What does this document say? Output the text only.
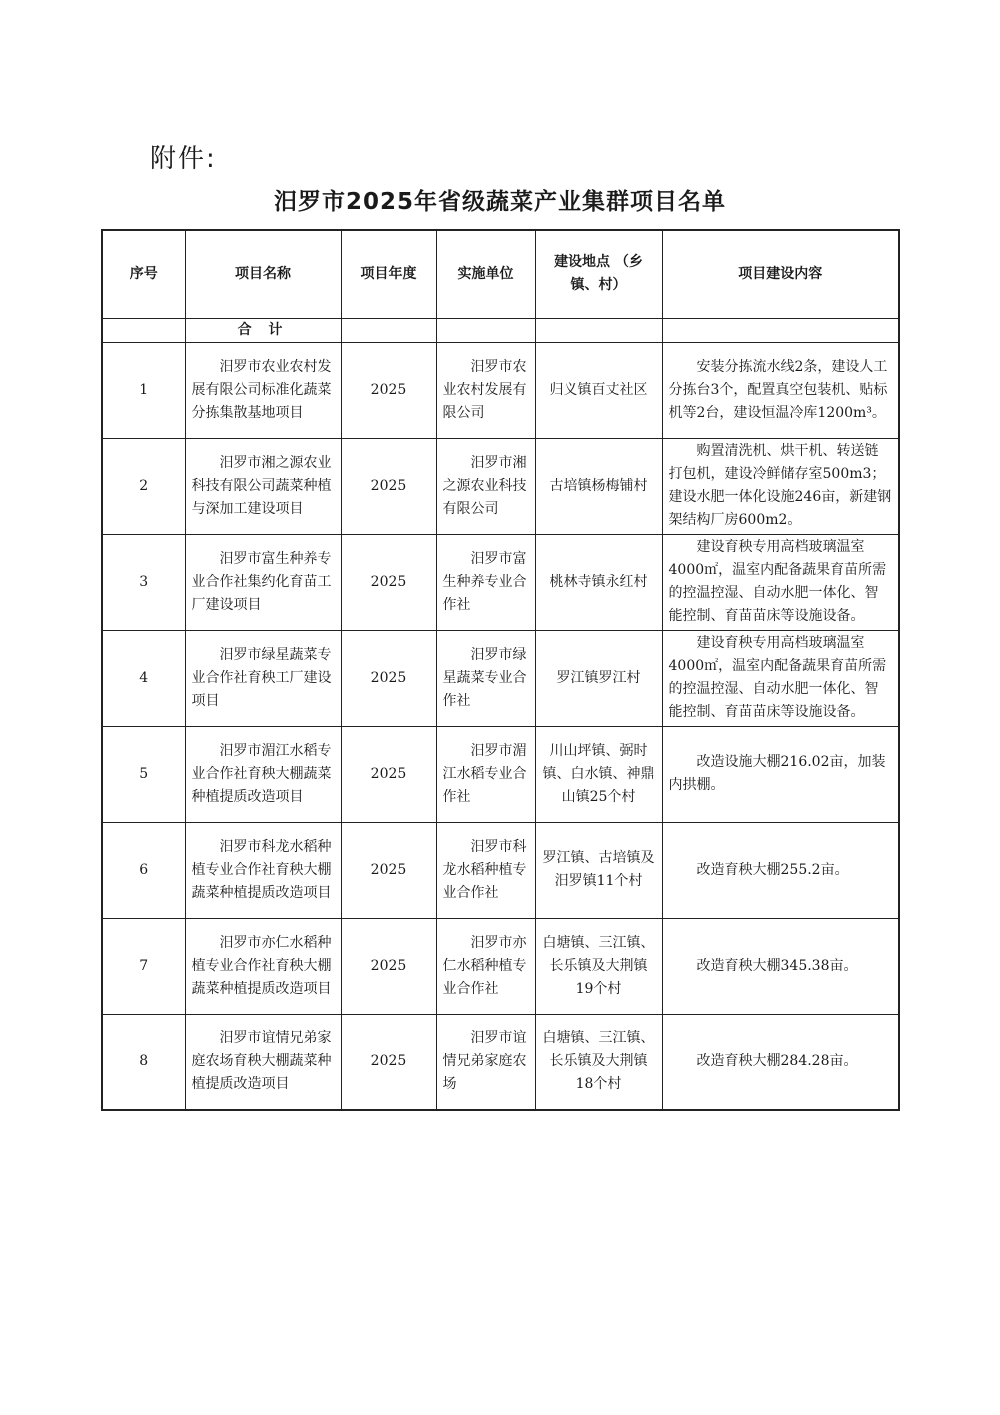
附件:
汨罗市2025年省级蔬菜产业集群项目名单
序号	项目名称	项目年度	实施单位	建设地点 （乡镇、村）	项目建设内容
	合 计				
1	汨罗市农业农村发展有限公司标准化蔬菜分拣集散基地项目	2025	汨罗市农业农村发展有限公司	归义镇百丈社区	安装分拣流水线2条，建设人工分拣台3个，配置真空包装机、贴标机等2台，建设恒温冷库1200m³。
2	汨罗市湘之源农业科技有限公司蔬菜种植与深加工建设项目	2025	汨罗市湘之源农业科技有限公司	古培镇杨梅铺村	购置清洗机、烘干机、转送链打包机，建设冷鲜储存室500m3；建设水肥一体化设施246亩，新建钢架结构厂房600m2。
3	汨罗市富生种养专业合作社集约化育苗工厂建设项目	2025	汨罗市富生种养专业合作社	桃林寺镇永红村	建设育秧专用高档玻璃温室4000㎡，温室内配备蔬果育苗所需的控温控湿、自动水肥一体化、智能控制、育苗苗床等设施设备。
4	汨罗市绿星蔬菜专业合作社育秧工厂建设项目	2025	汨罗市绿星蔬菜专业合作社	罗江镇罗江村	建设育秧专用高档玻璃温室4000㎡，温室内配备蔬果育苗所需的控温控湿、自动水肥一体化、智能控制、育苗苗床等设施设备。
5	汨罗市湄江水稻专业合作社育秧大棚蔬菜种植提质改造项目	2025	汨罗市湄江水稻专业合作社	川山坪镇、弼时镇、白水镇、神鼎山镇25个村	改造设施大棚216.02亩，加装内拱棚。
6	汨罗市科龙水稻种植专业合作社育秧大棚蔬菜种植提质改造项目	2025	汨罗市科龙水稻种植专业合作社	罗江镇、古培镇及汨罗镇11个村	改造育秧大棚255.2亩。
7	汨罗市亦仁水稻种植专业合作社育秧大棚蔬菜种植提质改造项目	2025	汨罗市亦仁水稻种植专业合作社	白塘镇、三江镇、长乐镇及大荆镇19个村	改造育秧大棚345.38亩。
8	汨罗市谊情兄弟家庭农场育秧大棚蔬菜种植提质改造项目	2025	汨罗市谊情兄弟家庭农场	白塘镇、三江镇、长乐镇及大荆镇18个村	改造育秧大棚284.28亩。
